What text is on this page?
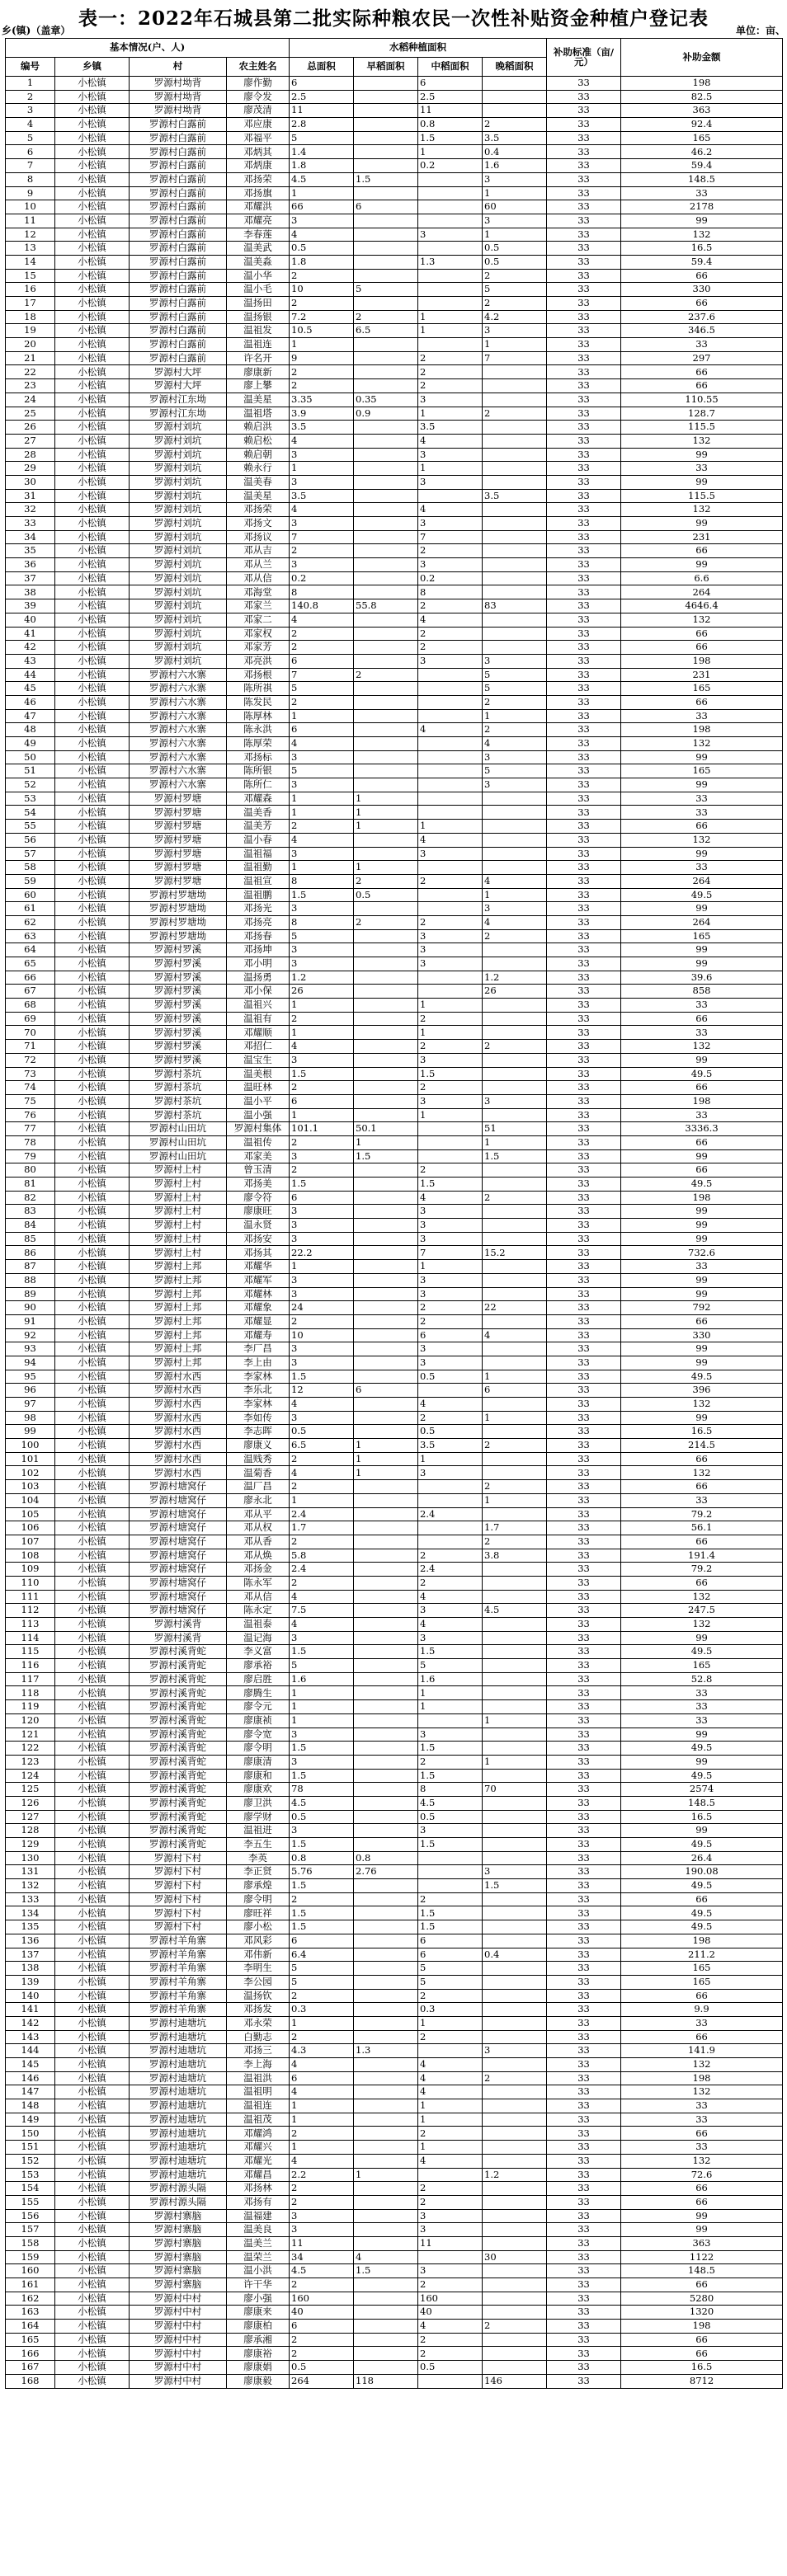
表一：2022年石城县第二批实际种粮农民一次性补贴资金种植户登记表
乡(镇)（盖章）	单位：亩、
基本情况(户、人)				水稻种植面积				补助标准（亩/元）	补助金额
编号	乡镇	村	农主姓名	总面积	早稻面积	中稻面积	晚稻面积		
1	小松镇	罗源村坳背	廖作勤	6		6		33	198
2	小松镇	罗源村坳背	廖令发	2.5		2.5		33	82.5
3	小松镇	罗源村坳背	廖茂清	11		11		33	363
4	小松镇	罗源村白露前	邓应康	2.8		0.8	2	33	92.4
5	小松镇	罗源村白露前	邓福平	5		1.5	3.5	33	165
6	小松镇	罗源村白露前	邓炳其	1.4		1	0.4	33	46.2
7	小松镇	罗源村白露前	邓炳康	1.8		0.2	1.6	33	59.4
8	小松镇	罗源村白露前	邓扬荣	4.5	1.5		3	33	148.5
9	小松镇	罗源村白露前	邓扬旗	1			1	33	33
10	小松镇	罗源村白露前	邓耀洪	66	6		60	33	2178
11	小松镇	罗源村白露前	邓耀亮	3			3	33	99
12	小松镇	罗源村白露前	李春莲	4		3	1	33	132
13	小松镇	罗源村白露前	温美武	0.5			0.5	33	16.5
14	小松镇	罗源村白露前	温美淼	1.8		1.3	0.5	33	59.4
15	小松镇	罗源村白露前	温小华	2			2	33	66
16	小松镇	罗源村白露前	温小毛	10	5		5	33	330
17	小松镇	罗源村白露前	温扬田	2			2	33	66
18	小松镇	罗源村白露前	温扬银	7.2	2	1	4.2	33	237.6
19	小松镇	罗源村白露前	温祖发	10.5	6.5	1	3	33	346.5
20	小松镇	罗源村白露前	温祖连	1			1	33	33
21	小松镇	罗源村白露前	许名开	9		2	7	33	297
22	小松镇	罗源村大坪	廖康新	2		2		33	66
23	小松镇	罗源村大坪	廖上攀	2		2		33	66
24	小松镇	罗源村江东坳	温美星	3.35	0.35	3		33	110.55
25	小松镇	罗源村江东坳	温祖塔	3.9	0.9	1	2	33	128.7
26	小松镇	罗源村刘坑	赖启洪	3.5		3.5		33	115.5
27	小松镇	罗源村刘坑	赖启松	4		4		33	132
28	小松镇	罗源村刘坑	赖启朝	3		3		33	99
29	小松镇	罗源村刘坑	赖永行	1		1		33	33
30	小松镇	罗源村刘坑	温美春	3		3		33	99
31	小松镇	罗源村刘坑	温美星	3.5			3.5	33	115.5
32	小松镇	罗源村刘坑	邓扬荣	4		4		33	132
33	小松镇	罗源村刘坑	邓扬文	3		3		33	99
34	小松镇	罗源村刘坑	邓扬议	7		7		33	231
35	小松镇	罗源村刘坑	邓从吉	2		2		33	66
36	小松镇	罗源村刘坑	邓从兰	3		3		33	99
37	小松镇	罗源村刘坑	邓从信	0.2		0.2		33	6.6
38	小松镇	罗源村刘坑	邓海堂	8		8		33	264
39	小松镇	罗源村刘坑	邓家兰	140.8	55.8	2	83	33	4646.4
40	小松镇	罗源村刘坑	邓家二	4		4		33	132
41	小松镇	罗源村刘坑	邓家权	2		2		33	66
42	小松镇	罗源村刘坑	邓家芳	2		2		33	66
43	小松镇	罗源村刘坑	邓亮洪	6		3	3	33	198
44	小松镇	罗源村六水寨	邓扬根	7	2		5	33	231
45	小松镇	罗源村六水寨	陈所祺	5			5	33	165
46	小松镇	罗源村六水寨	陈发民	2			2	33	66
47	小松镇	罗源村六水寨	陈厚林	1			1	33	33
48	小松镇	罗源村六水寨	陈永洪	6		4	2	33	198
49	小松镇	罗源村六水寨	陈厚荣	4			4	33	132
50	小松镇	罗源村六水寨	邓扬标	3			3	33	99
51	小松镇	罗源村六水寨	陈所银	5			5	33	165
52	小松镇	罗源村六水寨	陈所仁	3			3	33	99
53	小松镇	罗源村罗塘	邓耀森	1	1			33	33
54	小松镇	罗源村罗塘	温美香	1	1			33	33
55	小松镇	罗源村罗塘	温美芳	2	1	1		33	66
56	小松镇	罗源村罗塘	温小春	4		4		33	132
57	小松镇	罗源村罗塘	温祖福	3		3		33	99
58	小松镇	罗源村罗塘	温祖勤	1	1			33	33
59	小松镇	罗源村罗塘	温祖宣	8	2	2	4	33	264
60	小松镇	罗源村罗塘坳	温祖鹏	1.5	0.5		1	33	49.5
61	小松镇	罗源村罗塘坳	邓扬光	3			3	33	99
62	小松镇	罗源村罗塘坳	邓扬亮	8	2	2	4	33	264
63	小松镇	罗源村罗塘坳	邓扬春	5		3	2	33	165
64	小松镇	罗源村罗溪	邓扬坤	3		3		33	99
65	小松镇	罗源村罗溪	邓小明	3		3		33	99
66	小松镇	罗源村罗溪	温扬勇	1.2			1.2	33	39.6
67	小松镇	罗源村罗溪	邓小保	26			26	33	858
68	小松镇	罗源村罗溪	温祖兴	1		1		33	33
69	小松镇	罗源村罗溪	温祖有	2		2		33	66
70	小松镇	罗源村罗溪	邓耀顺	1		1		33	33
71	小松镇	罗源村罗溪	邓招仁	4		2	2	33	132
72	小松镇	罗源村罗溪	温宝生	3		3		33	99
73	小松镇	罗源村茶坑	温美根	1.5		1.5		33	49.5
74	小松镇	罗源村茶坑	温旺林	2		2		33	66
75	小松镇	罗源村茶坑	温小平	6		3	3	33	198
76	小松镇	罗源村茶坑	温小强	1		1		33	33
77	小松镇	罗源村山田坑	罗源村集体	101.1	50.1		51	33	3336.3
78	小松镇	罗源村山田坑	温祖传	2	1		1	33	66
79	小松镇	罗源村山田坑	邓家美	3	1.5		1.5	33	99
80	小松镇	罗源村上村	曾玉清	2		2		33	66
81	小松镇	罗源村上村	邓扬美	1.5		1.5		33	49.5
82	小松镇	罗源村上村	廖令符	6		4	2	33	198
83	小松镇	罗源村上村	廖康旺	3		3		33	99
84	小松镇	罗源村上村	温永贤	3		3		33	99
85	小松镇	罗源村上村	邓扬安	3		3		33	99
86	小松镇	罗源村上村	邓扬其	22.2		7	15.2	33	732.6
87	小松镇	罗源村上邦	邓耀华	1		1		33	33
88	小松镇	罗源村上邦	邓耀军	3		3		33	99
89	小松镇	罗源村上邦	邓耀林	3		3		33	99
90	小松镇	罗源村上邦	邓耀象	24		2	22	33	792
91	小松镇	罗源村上邦	邓耀显	2		2		33	66
92	小松镇	罗源村上邦	邓耀寿	10		6	4	33	330
93	小松镇	罗源村上邦	李厂昌	3		3		33	99
94	小松镇	罗源村上邦	李上由	3		3		33	99
95	小松镇	罗源村水西	李家林	1.5		0.5	1	33	49.5
96	小松镇	罗源村水西	李乐北	12	6		6	33	396
97	小松镇	罗源村水西	李家林	4		4		33	132
98	小松镇	罗源村水西	李如传	3		2	1	33	99
99	小松镇	罗源村水西	李志晖	0.5		0.5		33	16.5
100	小松镇	罗源村水西	廖康义	6.5	1	3.5	2	33	214.5
101	小松镇	罗源村水西	温贱秀	2	1	1		33	66
102	小松镇	罗源村水西	温菊香	4	1	3		33	132
103	小松镇	罗源村塘窝仔	温厂昌	2			2	33	66
104	小松镇	罗源村塘窝仔	廖永北	1			1	33	33
105	小松镇	罗源村塘窝仔	邓从平	2.4		2.4		33	79.2
106	小松镇	罗源村塘窝仔	邓从权	1.7			1.7	33	56.1
107	小松镇	罗源村塘窝仔	邓从香	2			2	33	66
108	小松镇	罗源村塘窝仔	邓从焕	5.8		2	3.8	33	191.4
109	小松镇	罗源村塘窝仔	邓扬金	2.4		2.4		33	79.2
110	小松镇	罗源村塘窝仔	陈永军	2		2		33	66
111	小松镇	罗源村塘窝仔	邓从信	4		4		33	132
112	小松镇	罗源村塘窝仔	陈永定	7.5		3	4.5	33	247.5
113	小松镇	罗源村溪背	温祖泰	4		4		33	132
114	小松镇	罗源村溪背	温记海	3		3		33	99
115	小松镇	罗源村溪背蛇	李义富	1.5		1.5		33	49.5
116	小松镇	罗源村溪背蛇	廖承裕	5		5		33	165
117	小松镇	罗源村溪背蛇	廖启胜	1.6		1.6		33	52.8
118	小松镇	罗源村溪背蛇	廖腾生	1		1		33	33
119	小松镇	罗源村溪背蛇	廖令元	1		1		33	33
120	小松镇	罗源村溪背蛇	廖康祯	1			1	33	33
121	小松镇	罗源村溪背蛇	廖令宽	3		3		33	99
122	小松镇	罗源村溪背蛇	廖令明	1.5		1.5		33	49.5
123	小松镇	罗源村溪背蛇	廖康清	3		2	1	33	99
124	小松镇	罗源村溪背蛇	廖康和	1.5		1.5		33	49.5
125	小松镇	罗源村溪背蛇	廖康欢	78		8	70	33	2574
126	小松镇	罗源村溪背蛇	廖卫洪	4.5		4.5		33	148.5
127	小松镇	罗源村溪背蛇	廖学财	0.5		0.5		33	16.5
128	小松镇	罗源村溪背蛇	温祖进	3		3		33	99
129	小松镇	罗源村溪背蛇	李五生	1.5		1.5		33	49.5
130	小松镇	罗源村下村	李英	0.8	0.8			33	26.4
131	小松镇	罗源村下村	李正贤	5.76	2.76		3	33	190.08
132	小松镇	罗源村下村	廖承煌	1.5			1.5	33	49.5
133	小松镇	罗源村下村	廖令明	2		2		33	66
134	小松镇	罗源村下村	廖旺祥	1.5		1.5		33	49.5
135	小松镇	罗源村下村	廖小松	1.5		1.5		33	49.5
136	小松镇	罗源村羊角寨	邓风彩	6		6		33	198
137	小松镇	罗源村羊角寨	邓伟新	6.4		6	0.4	33	211.2
138	小松镇	罗源村羊角寨	李明生	5		5		33	165
139	小松镇	罗源村羊角寨	李公园	5		5		33	165
140	小松镇	罗源村羊角寨	温扬钦	2		2		33	66
141	小松镇	罗源村羊角寨	邓扬发	0.3		0.3		33	9.9
142	小松镇	罗源村迪塘坑	邓永荣	1		1		33	33
143	小松镇	罗源村迪塘坑	白勤志	2		2		33	66
144	小松镇	罗源村迪塘坑	邓扬三	4.3	1.3		3	33	141.9
145	小松镇	罗源村迪塘坑	李上海	4		4		33	132
146	小松镇	罗源村迪塘坑	温祖洪	6		4	2	33	198
147	小松镇	罗源村迪塘坑	温祖明	4		4		33	132
148	小松镇	罗源村迪塘坑	温祖连	1		1		33	33
149	小松镇	罗源村迪塘坑	温祖茂	1		1		33	33
150	小松镇	罗源村迪塘坑	邓耀鸿	2		2		33	66
151	小松镇	罗源村迪塘坑	邓耀兴	1		1		33	33
152	小松镇	罗源村迪塘坑	邓耀光	4		4		33	132
153	小松镇	罗源村迪塘坑	邓耀昌	2.2	1		1.2	33	72.6
154	小松镇	罗源村源头隔	邓扬林	2		2		33	66
155	小松镇	罗源村源头隔	邓扬有	2		2		33	66
156	小松镇	罗源村寨脑	温福建	3		3		33	99
157	小松镇	罗源村寨脑	温美良	3		3		33	99
158	小松镇	罗源村寨脑	温美兰	11		11		33	363
159	小松镇	罗源村寨脑	温荣兰	34	4		30	33	1122
160	小松镇	罗源村寨脑	温小洪	4.5	1.5	3		33	148.5
161	小松镇	罗源村寨脑	许干华	2		2		33	66
162	小松镇	罗源村中村	廖小强	160		160		33	5280
163	小松镇	罗源村中村	廖康来	40		40		33	1320
164	小松镇	罗源村中村	廖康柏	6		4	2	33	198
165	小松镇	罗源村中村	廖承湘	2		2		33	66
166	小松镇	罗源村中村	廖康裕	2		2		33	66
167	小松镇	罗源村中村	廖康娟	0.5		0.5		33	16.5
168	小松镇	罗源村中村	廖康毅	264	118		146	33	8712
